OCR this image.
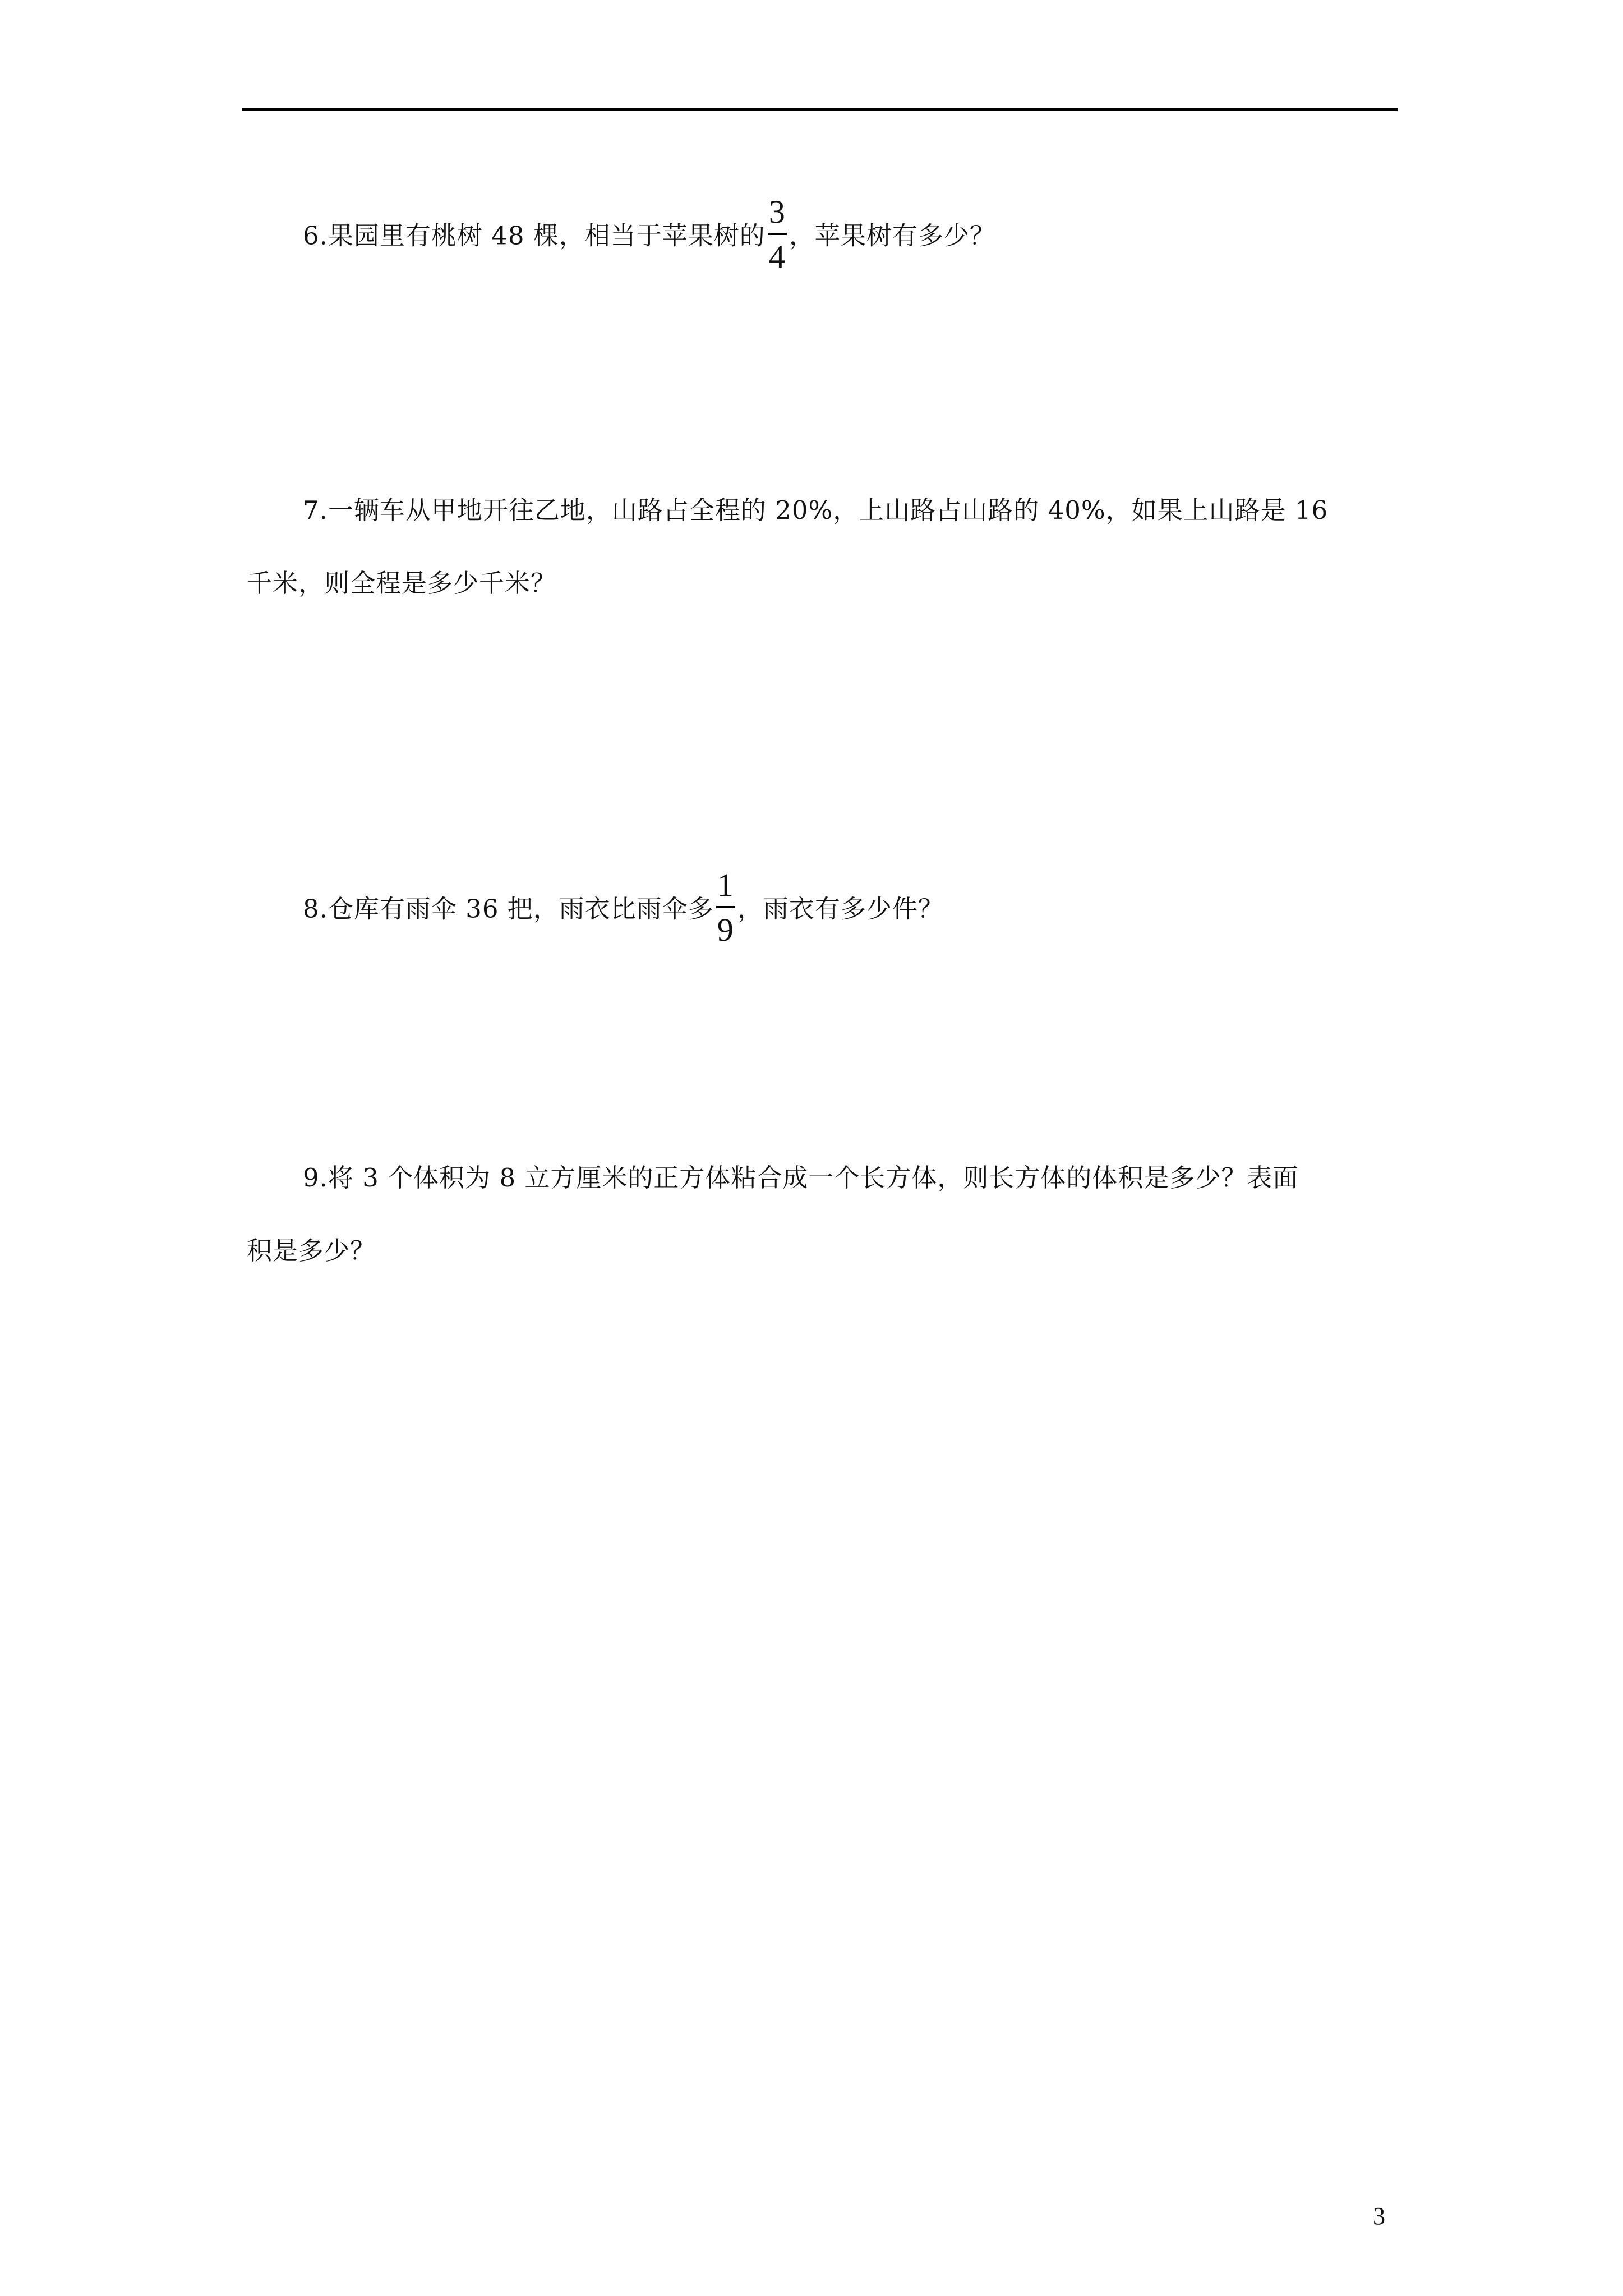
6.果园里有桃树 48 棵，相当于苹果树的 $\frac{3}{4}$ ，苹果树有多少？
7.一辆车从甲地开往乙地，山路占全程的 20%，上山路占山路的 40%，如果上山路是 16
千米，则全程是多少千米？
8.仓库有雨伞 36 把，雨衣比雨伞多 $\frac{1}{9}$ ，雨衣有多少件？
9.将 3 个体积为 8 立方厘米的正方体粘合成一个长方体，则长方体的体积是多少？表面
积是多少？
3
